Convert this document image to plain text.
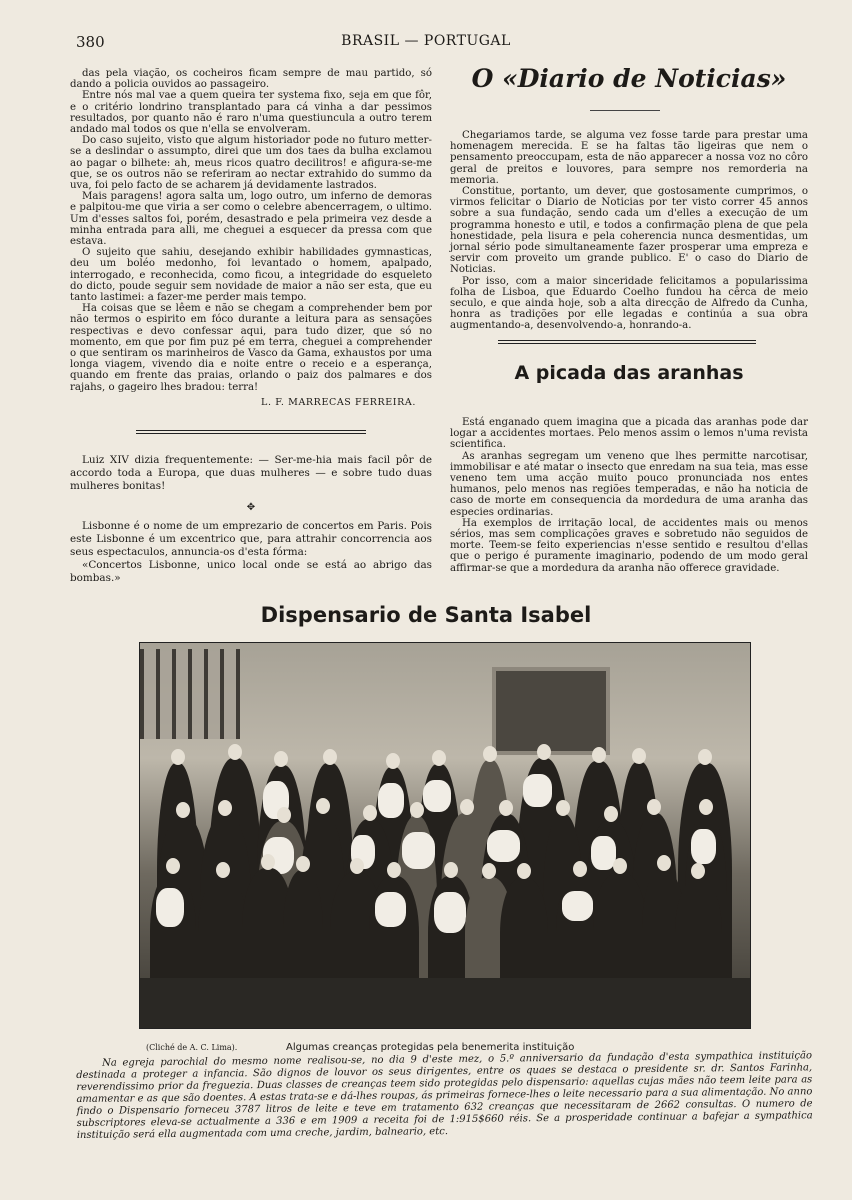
380	BRASIL — PORTUGAL

das pela viação, os cocheiros ficam sempre de mau partido, só dando a policia ouvidos ao passageiro.

Entre nós mal vae a quem queira ter systema fixo, seja em que fôr, e o critério londrino transplantado para cá vinha a dar pessimos resultados, por quanto não é raro n'uma questiuncula a outro terem andado mal todos os que n'ella se envolveram.

Do caso sujeito, visto que algum historiador pode no futuro metter-se a deslindar o assumpto, direi que um dos taes da bulha exclamou ao pagar o bilhete: ah, meus ricos quatro decilitros! e afigura-se-me que, se os outros não se referiram ao nectar extrahido do summo da uva, foi pelo facto de se acharem já devidamente lastrados.

Mais paragens! agora salta um, logo outro, um inferno de demoras e palpitou-me que viria a ser como o celebre abencerragem, o ultimo. Um d'esses saltos foi, porém, desastrado e pela primeira vez desde a minha entrada para alli, me cheguei a esquecer da pressa com que estava.

O sujeito que sahiu, desejando exhibir habilidades gymnasticas, deu um boléo medonho, foi levantado o homem, apalpado, interrogado, e reconhecida, como ficou, a integridade do esqueleto do dicto, poude seguir sem novidade de maior a não ser esta, que eu tanto lastimei: a fazer-me perder mais tempo.

Ha coisas que se lêem e não se chegam a comprehender bem por não termos o espirito em fóco durante a leitura para as sensações respectivas e devo confessar aqui, para tudo dizer, que só no momento, em que por fim puz pé em terra, cheguei a comprehender o que sentiram os marinheiros de Vasco da Gama, exhaustos por uma longa viagem, vivendo dia e noite entre o receio e a esperança, quando em frente das praias, orlando o paiz dos palmares e dos rajahs, o gageiro lhes bradou: terra!

L. F. MARRECAS FERREIRA.

Luiz XIV dizia frequentemente: — Ser-me-hia mais facil pôr de accordo toda a Europa, que duas mulheres — e sobre tudo duas mulheres bonitas!

✥

Lisbonne é o nome de um emprezario de concertos em Paris. Pois este Lisbonne é um excentrico que, para attrahir concorrencia aos seus espectaculos, annuncia-os d'esta fórma:

«Concertos Lisbonne, unico local onde se está ao abrigo das bombas.»

O «Diario de Noticias»

Chegariamos tarde, se alguma vez fosse tarde para prestar uma homenagem merecida. E se ha faltas tão ligeiras que nem o pensamento preoccupam, esta de não apparecer a nossa voz no côro geral de preitos e louvores, para sempre nos remorderia na memoria.

Constitue, portanto, um dever, que gostosamente cumprimos, o virmos felicitar o Diario de Noticias por ter visto correr 45 annos sobre a sua fundação, sendo cada um d'elles a execução de um programma honesto e util, e todos a confirmação plena de que pela honestidade, pela lisura e pela coherencia nunca desmentidas, um jornal sério pode simultaneamente fazer prosperar uma empreza e servir com proveito um grande publico. E' o caso do Diario de Noticias.

Por isso, com a maior sinceridade felicitamos a popularissima folha de Lisboa, que Eduardo Coelho fundou ha cêrca de meio seculo, e que ainda hoje, sob a alta direcção de Alfredo da Cunha, honra as tradições por elle legadas e continúa a sua obra augmentando-a, desenvolvendo-a, honrando-a.

A picada das aranhas

Está enganado quem imagina que a picada das aranhas pode dar logar a accidentes mortaes. Pelo menos assim o lemos n'uma revista scientifica.

As aranhas segregam um veneno que lhes permitte narcotisar, immobilisar e até matar o insecto que enredam na sua teia, mas esse veneno tem uma acção muito pouco pronunciada nos entes humanos, pelo menos nas regiões temperadas, e não ha noticia de caso de morte em consequencia da mordedura de uma aranha das especies ordinarias.

Ha exemplos de irritação local, de accidentes mais ou menos sérios, mas sem complicações graves e sobretudo não seguidos de morte. Teem-se feito experiencias n'esse sentido e resultou d'ellas que o perigo é puramente imaginario, podendo de um modo geral affirmar-se que a mordedura da aranha não offerece gravidade.

Dispensario de Santa Isabel
(Cliché de A. C. Lima).	Algumas creanças protegidas pela benemerita instituição

Na egreja parochial do mesmo nome realisou-se, no dia 9 d'este mez, o 5.º anniversario da fundação d'esta sympathica instituição destinada a proteger a infancia. São dignos de louvor os seus dirigentes, entre os quaes se destaca o presidente sr. dr. Santos Farinha, reverendissimo prior da freguezia. Duas classes de creanças teem sido protegidas pelo dispensario: aquellas cujas mães não teem leite para as amamentar e as que são doentes. A estas trata-se e dá-lhes roupas, ás primeiras fornece-lhes o leite necessario para a sua alimentação. No anno findo o Dispensario forneceu 3787 litros de leite e teve em tratamento 632 creanças que necessitaram de 2662 consultas. O numero de subscriptores eleva-se actualmente a 336 e em 1909 a receita foi de 1:915$660 réis. Se a prosperidade continuar a bafejar a sympathica instituição será ella augmentada com uma creche, jardim, balneario, etc.
